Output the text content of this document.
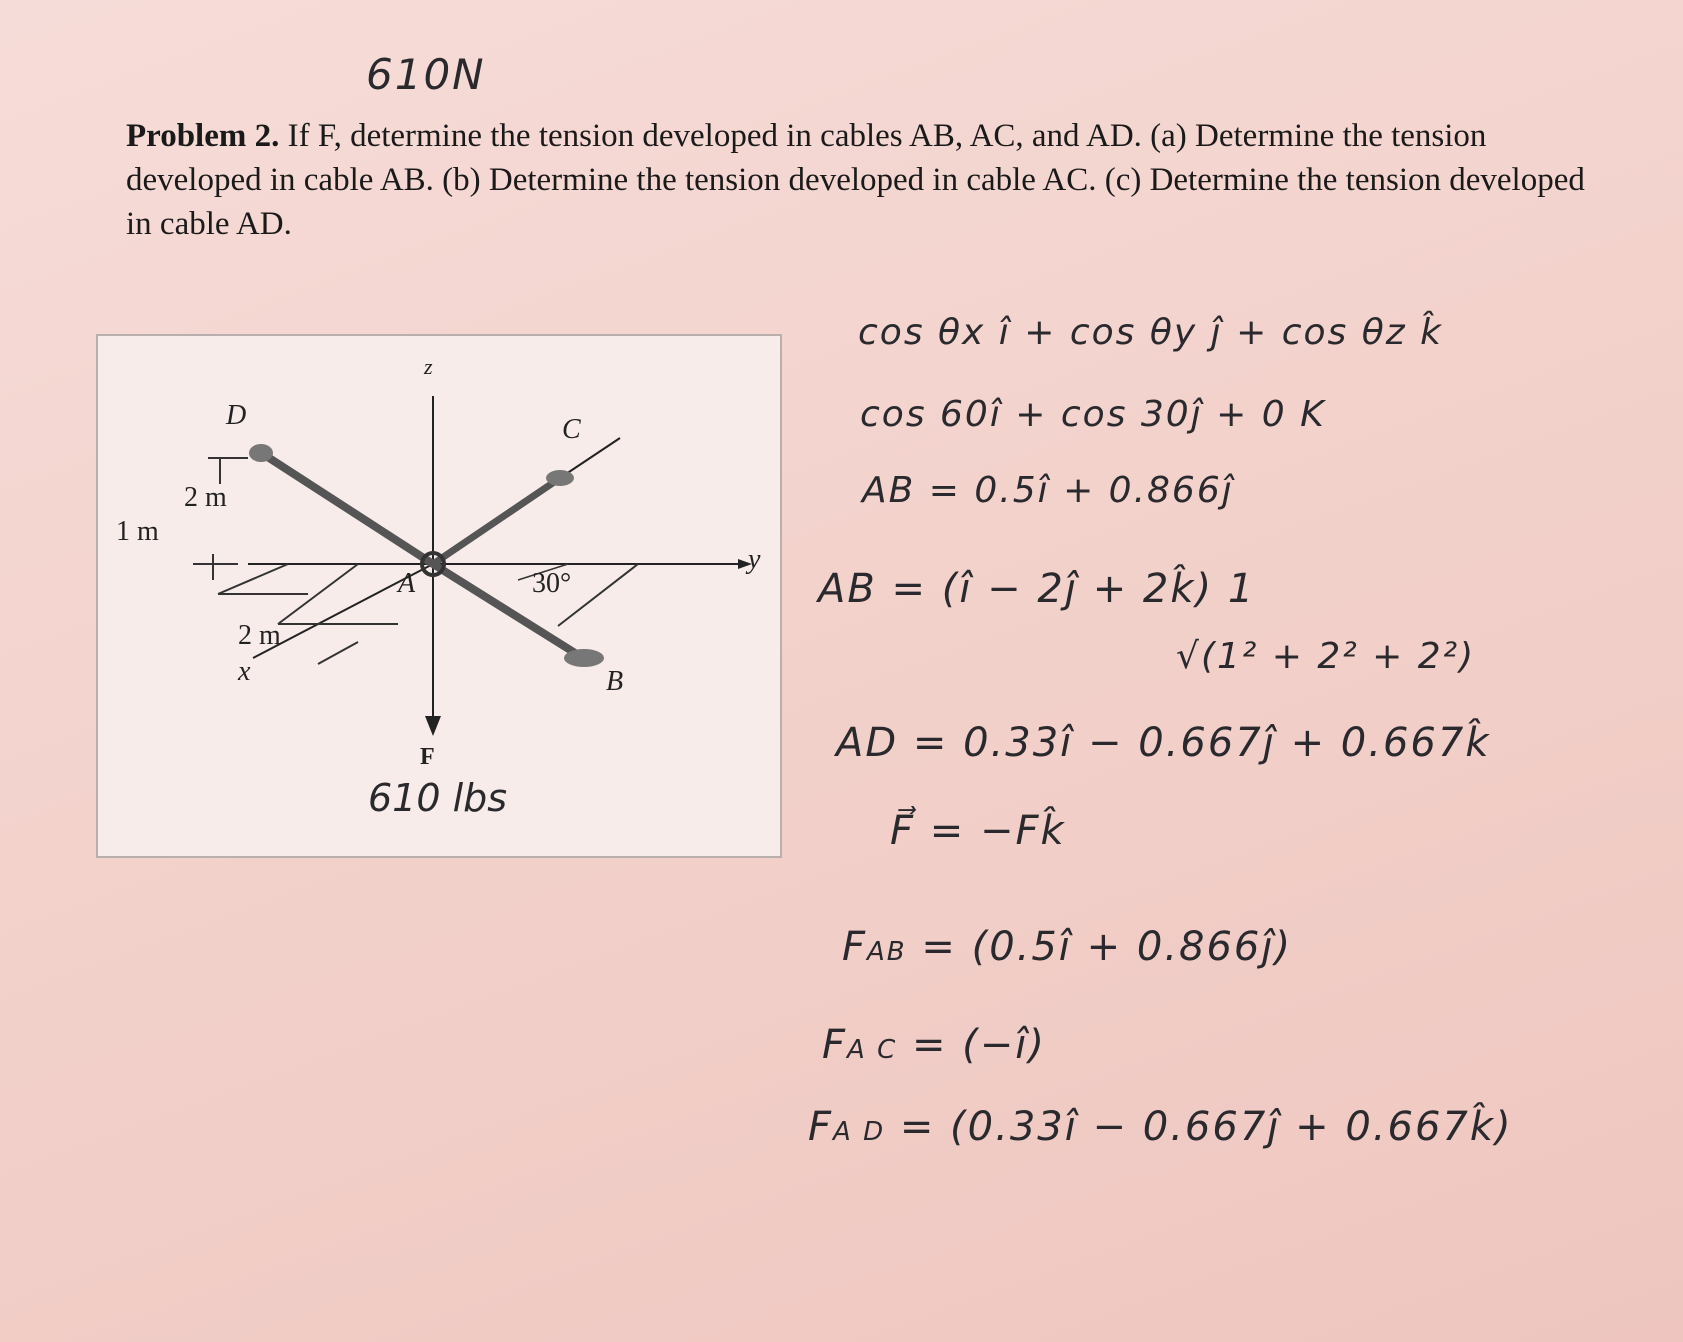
610N
Problem 2. If F, determine the tension developed in cables AB, AC, and AD. (a) Determine the tension developed in cable AB. (b) Determine the tension developed in cable AC. (c) Determine the tension developed in cable AD.
z
D	C
2 m
1 m
A	30°
y
2 m
x	B
F
610 lbs
cos θx î + cos θy ĵ + cos θz k̂
cos 60î + cos 30ĵ + 0 K
AB = 0.5î + 0.866ĵ
AB = (î − 2ĵ + 2k̂) 1
√(1² + 2² + 2²)
AD = 0.33î − 0.667ĵ + 0.667k̂
F⃗ = −Fk̂
FAB = (0.5î + 0.866ĵ)
FA C = (−î)
FA D = (0.33î − 0.667ĵ + 0.667k̂)
